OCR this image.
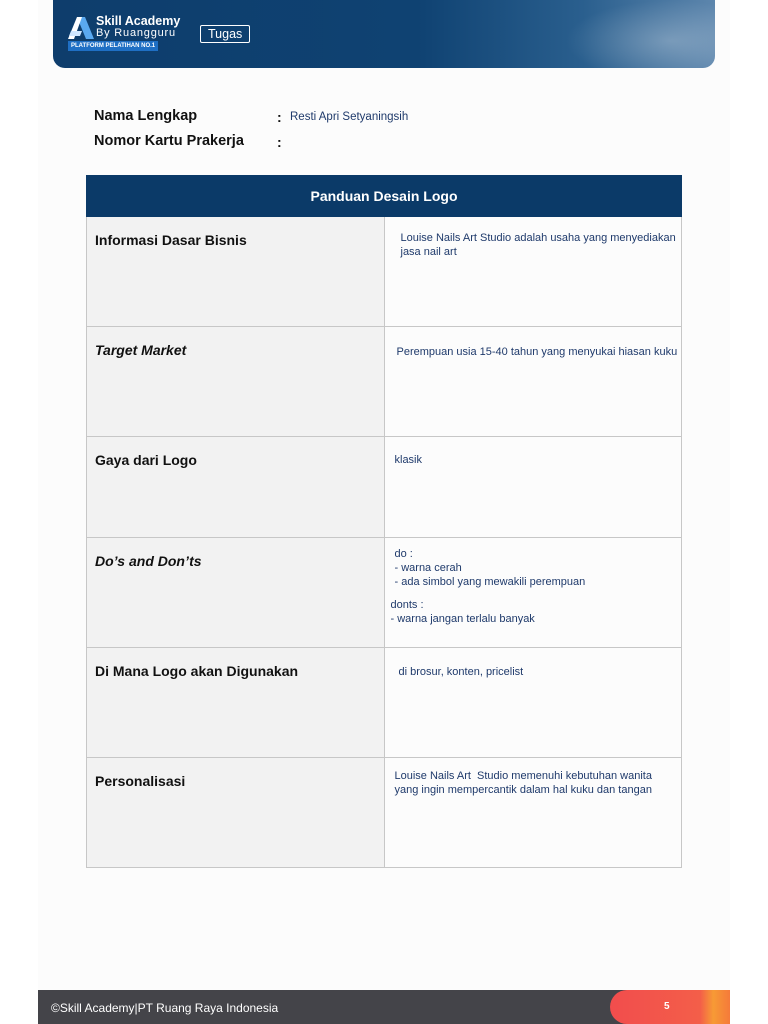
Skill Academy
By Ruangguru
PLATFORM PELATIHAN NO.1
Tugas
Nama Lengkap	: Resti Apri Setyaningsih
Nomor Kartu Prakerja :
Panduan Desain Logo	

Informasi Dasar Bisnis	Louise Nails Art Studio adalah usaha yang menyediakan jasa nail art

Target Market	Perempuan usia 15-40 tahun yang menyukai hiasan kuku

Gaya dari Logo	klasik

Do’s and Don’ts	do :
- warna cerah
- ada simbol yang mewakili perempuan
donts :
- warna jangan terlalu banyak

Di Mana Logo akan Digunakan	di brosur, konten, pricelist

Personalisasi	Louise Nails Art  Studio memenuhi kebutuhan wanita yang ingin mempercantik dalam hal kuku dan tangan
©Skill Academy|PT Ruang Raya Indonesia	5
